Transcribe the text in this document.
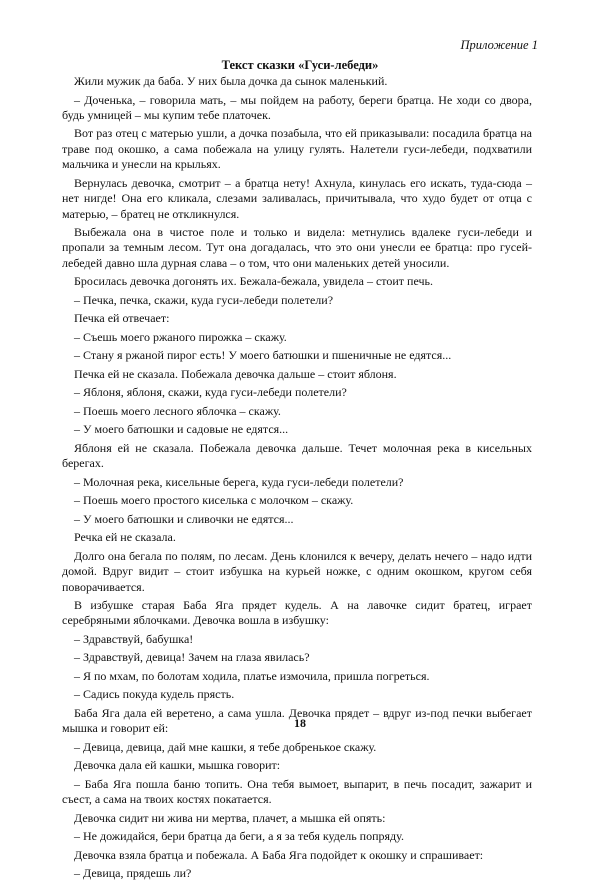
Приложение 1
Текст сказки «Гуси-лебеди»

Жили мужик да баба. У них была дочка да сынок маленький.

– Доченька, – говорила мать, – мы пойдем на работу, береги братца. Не ходи со двора, будь умницей – мы купим тебе платочек.

Вот раз отец с матерью ушли, а дочка позабыла, что ей приказывали: посадила братца на траве под окошко, а сама побежала на улицу гулять. Налетели гуси-лебеди, подхватили мальчика и унесли на крыльях.

Вернулась девочка, смотрит – а братца нету! Ахнула, кинулась его искать, туда-сюда – нет нигде! Она его кликала, слезами заливалась, причитывала, что худо будет от отца с матерью, – братец не откликнулся.

Выбежала она в чистое поле и только и видела: метнулись вдалеке гуси-лебеди и пропали за темным лесом. Тут она догадалась, что это они унесли ее братца: про гусей-лебедей давно шла дурная слава – о том, что они маленьких детей уносили.

Бросилась девочка догонять их. Бежала-бежала, увидела – стоит печь.

– Печка, печка, скажи, куда гуси-лебеди полетели?

Печка ей отвечает:

– Съешь моего ржаного пирожка – скажу.

– Стану я ржаной пирог есть! У моего батюшки и пшеничные не едятся...

Печка ей не сказала. Побежала девочка дальше – стоит яблоня.

– Яблоня, яблоня, скажи, куда гуси-лебеди полетели?

– Поешь моего лесного яблочка – скажу.

– У моего батюшки и садовые не едятся...

Яблоня ей не сказала. Побежала девочка дальше. Течет молочная река в кисельных берегах.

– Молочная река, кисельные берега, куда гуси-лебеди полетели?

– Поешь моего простого киселька с молочком – скажу.

– У моего батюшки и сливочки не едятся...

Речка ей не сказала.

Долго она бегала по полям, по лесам. День клонился к вечеру, делать нечего – надо идти домой. Вдруг видит – стоит избушка на курьей ножке, с одним окошком, кругом себя поворачивается.

В избушке старая Баба Яга прядет кудель. А на лавочке сидит братец, играет серебряными яблочками. Девочка вошла в избушку:

– Здравствуй, бабушка!

– Здравствуй, девица! Зачем на глаза явилась?

– Я по мхам, по болотам ходила, платье измочила, пришла погреться.

– Садись покуда кудель прясть.

Баба Яга дала ей веретено, а сама ушла. Девочка прядет – вдруг из-под печки выбегает мышка и говорит ей:

– Девица, девица, дай мне кашки, я тебе добренькое скажу.

Девочка дала ей кашки, мышка говорит:

– Баба Яга пошла баню топить. Она тебя вымоет, выпарит, в печь посадит, зажарит и съест, а сама на твоих костях покатается.

Девочка сидит ни жива ни мертва, плачет, а мышка ей опять:

– Не дожидайся, бери братца да беги, а я за тебя кудель попряду.

Девочка взяла братца и побежала. А Баба Яга подойдет к окошку и спрашивает:

– Девица, прядешь ли?

18
